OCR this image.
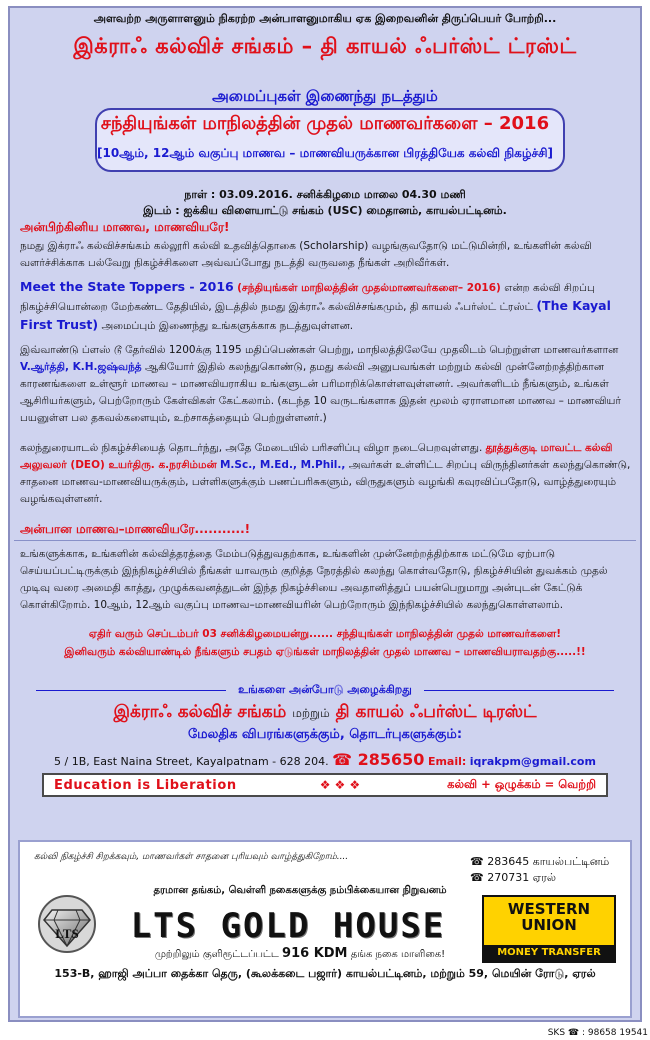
அளவற்ற அருளாளனும் நிகரற்ற அன்பாளனுமாகிய ஏக இறைவனின் திருப்பெயர் போற்றி...
இக்ராஃ கல்விச் சங்கம் – தி காயல் ஃபர்ஸ்ட் ட்ரஸ்ட்
அமைப்புகள் இணைந்து நடத்தும்
சந்தியுங்கள் மாநிலத்தின் முதல் மாணவர்களை – 2016
[10ஆம், 12ஆம் வகுப்பு மாணவ – மாணவியருக்கான பிரத்தியேக கல்வி நிகழ்ச்சி]
நாள் : 03.09.2016. சனிக்கிழமை மாலை 04.30 மணி
இடம் : ஐக்கிய விளையாட்டு சங்கம் (USC) மைதானம், காயல்பட்டினம்.
அன்பிற்கினிய மாணவ, மாணவியரே!
நமது இக்ராஃ கல்விச்சங்கம் கல்லூரி கல்வி உதவித்தொகை (Scholarship) வழங்குவதோடு மட்டுமின்றி, உங்களின் கல்வி வளர்ச்சிக்காக பல்வேறு நிகழ்ச்சிகளை அவ்வப்போது நடத்தி வருவதை நீங்கள் அறிவீர்கள்.
Meet the State Toppers - 2016 (சந்தியுங்கள் மாநிலத்தின் முதல்மாணவர்களை– 2016) என்ற கல்வி சிறப்பு நிகழ்ச்சியொன்றை மேற்கண்ட தேதியில், இடத்தில் நமது இக்ராஃ கல்விச்சங்கமும், தி காயல் ஃபர்ஸ்ட் ட்ரஸ்ட் (The Kayal First Trust) அமைப்பும் இணைந்து உங்களுக்காக நடத்துவுள்ளன.
இவ்வாண்டு ப்ளஸ் டூ தேர்வில் 1200க்கு 1195 மதிப்பெண்கள் பெற்று, மாநிலத்திலேயே முதலிடம் பெற்றுள்ள மாணவர்களான V.ஆர்த்தி, K.H.ஜஷ்வந்த் ஆகியோர் இதில் கலந்துகொண்டு, தமது கல்வி அனுபவங்கள் மற்றும் கல்வி முன்னேற்றத்திற்கான காரணங்களை உள்ளூர் மாணவ – மாணவியராகிய உங்களுடன் பரிமாறிக்கொள்ளவுள்ளனர். அவர்களிடம் நீங்களும், உங்கள் ஆசிரியர்களும், பெற்றோரும் கேள்விகள் கேட்கலாம். (கடந்த 10 வருடங்களாக இதன் மூலம் ஏராளமான மாணவ – மாணவியர் பயனுள்ள பல தகவல்களையும், உற்சாகத்தையும் பெற்றுள்ளனர்.)
கலந்துரையாடல் நிகழ்ச்சியைத் தொடர்ந்து, அதே மேடையில் பரிசளிப்பு விழா நடைபெறவுள்ளது. தூத்துக்குடி மாவட்ட கல்வி அலுவலர் (DEO) உயர்திரு. க.நரசிம்மன் M.Sc., M.Ed., M.Phil., அவர்கள் உள்ளிட்ட சிறப்பு விருந்தினர்கள் கலந்துகொண்டு, சாதனை மாணவ-மாணவியருக்கும், பள்ளிகளுக்கும் பணப்பரிசுகளும், விருதுகளும் வழங்கி கவுரவிப்பதோடு, வாழ்த்துரையும் வழங்கவுள்ளனர்.
அன்பான மாணவ–மாணவியரே...........!
உங்களுக்காக, உங்களின் கல்வித்தரத்தை மேம்படுத்துவதற்காக, உங்களின் முன்னேற்றத்திற்காக மட்டுமே ஏற்பாடு செய்யப்பட்டிருக்கும் இந்நிகழ்ச்சியில் நீங்கள் யாவரும் குறித்த நேரத்தில் கலந்து கொள்வதோடு, நிகழ்ச்சியின் துவக்கம் முதல் முடிவு வரை அமைதி காத்து, முழுக்கவனத்துடன் இந்த நிகழ்ச்சியை அவதானித்துப் பயன்பெறுமாறு அன்புடன் கேட்டுக் கொள்கிறோம். 10ஆம், 12ஆம் வகுப்பு மாணவ–மாணவியரின் பெற்றோரும் இந்நிகழ்ச்சியில் கலந்துகொள்ளலாம்.
ஏதிர் வரும் செப்டம்பர் 03 சனிக்கிழமையன்று...... சந்தியுங்கள் மாநிலத்தின் முதல் மாணவர்களை!
இனிவரும் கல்வியாண்டில் நீங்களும் சபதம் ஏடுங்கள் மாநிலத்தின் முதல் மாணவ – மாணவியராவதற்கு.....!!
உங்களை அன்போடு அழைக்கிறது
இக்ராஃ கல்விச் சங்கம் மற்றும் தி காயல் ஃபர்ஸ்ட் டிரஸ்ட்
மேலதிக விபரங்களுக்கும், தொடர்புகளுக்கும்:
5 / 1B, East Naina Street, Kayalpatnam - 628 204. ☎ 285650 Email: iqrakpm@gmail.com
Education is Liberation	❖❖❖	கல்வி + ஒழுக்கம் = வெற்றி
கல்வி நிகழ்ச்சி சிறக்கவும், மாணவர்கள் சாதனை புரியவும் வாழ்த்துகிறோம்....	☎ 283645 காயல்பட்டினம்
☎ 270731 ஏரல்
தரமான தங்கம், வெள்ளி நகைகளுக்கு நம்பிக்கையான நிறுவனம்
LTS	LTS GOLD HOUSE
முற்றிலும் குளிரூட்டப்பட்ட 916 KDM தங்க நகை மாளிகை!
WESTERN
UNION
MONEY TRANSFER
153-B, ஹாஜி அப்பா தைக்கா தெரு, (கூலக்கடை பஜார்) காயல்பட்டினம், மற்றும் 59, மெயின் ரோடு, ஏரல்
SKS ☎ : 98658 19541
